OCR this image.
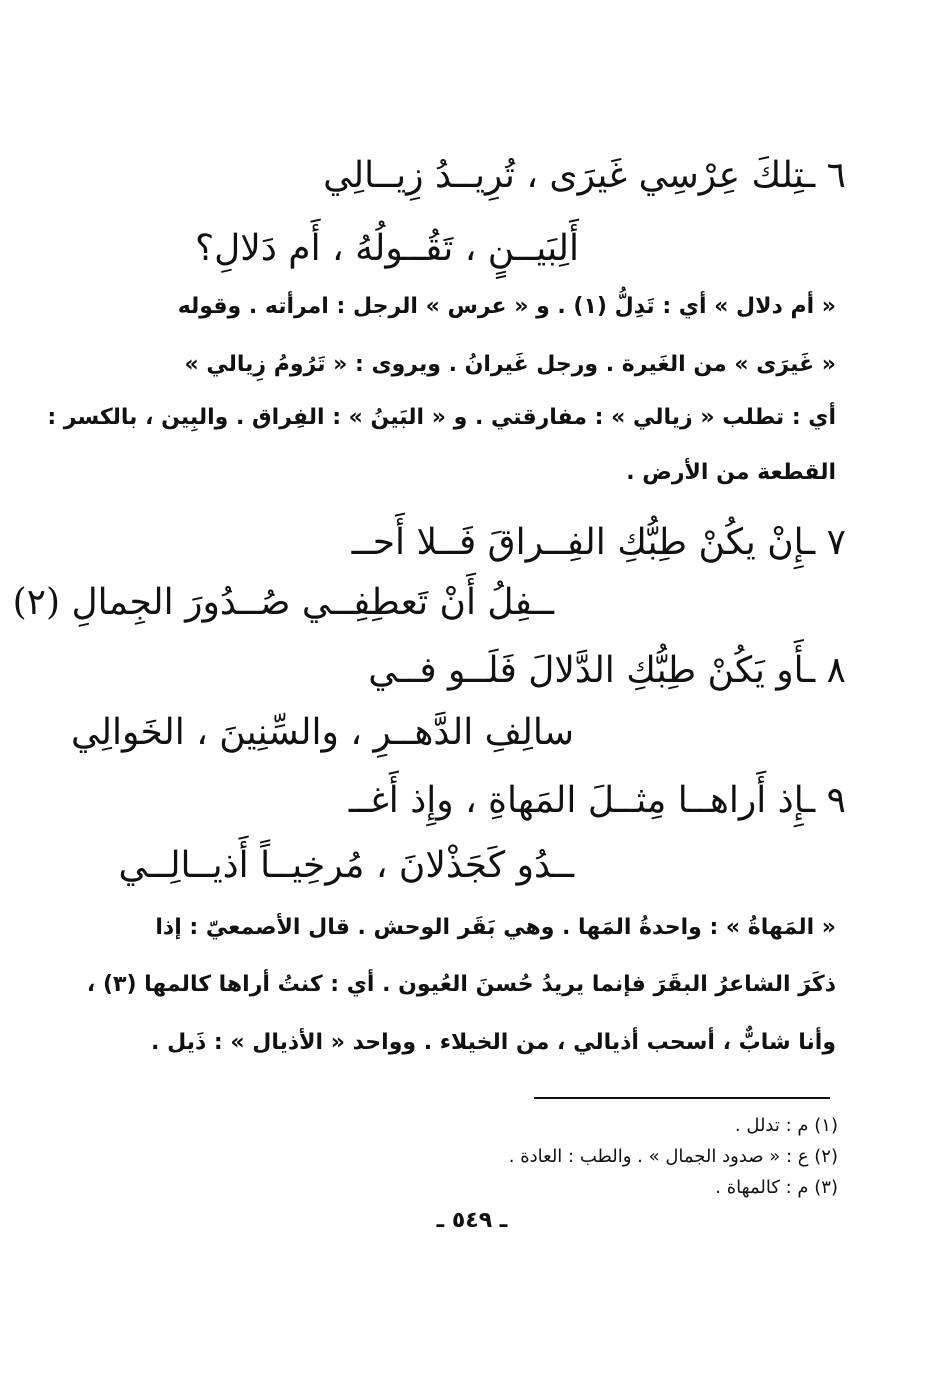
٦ ـتِلكَ عِرْسِي غَيرَى ، تُرِيــدُ زِيــالِي
أَلِبَيــنٍ ، تَقُــولُهُ ، أَم دَلالِ؟
« أم دلال » أي : تَدِلُّ (١) . و « عرس » الرجل : امرأته . وقوله
« غَيرَى » من الغَيرة . ورجل غَيرانُ . ويروى : « تَرُومُ زِيالي »
أي : تطلب « زيالي » : مفارقتي . و « البَينُ » : الفِراق . والبِين ، بالكسر :
القطعة من الأرض .
٧ ـإِنْ يكُنْ طِبُّكِ الفِــراقَ فَــلا أَحــ
ــفِلُ أَنْ تَعطِفِــي صُــدُورَ الجِمالِ (٢)
٨ ـأَو يَكُنْ طِبُّكِ الدَّلالَ فَلَــو فــي
سالِفِ الدَّهــرِ ، والسِّنِينَ ، الخَوالِي
٩ ـإِذ أَراهــا مِثــلَ المَهاةِ ، وإِذ أَغــ
ــدُو كَجَذْلانَ ، مُرخِيــاً أَذيــالِــي
« المَهاةُ » : واحدةُ المَها . وهي بَقَر الوحش . قال الأصمعيّ : إذا
ذكَرَ الشاعرُ البقَرَ فإنما يريدُ حُسنَ العُيون . أي : كنتُ أراها كالمها (٣) ،
وأنا شابٌّ ، أسحب أذيالي ، من الخيلاء . وواحد « الأذيال » : ذَيل .
(١) م : تدلل .
(٢) ع : « صدود الجمال » . والطب : العادة .
(٣) م : كالمهاة .
ـ ٥٤٩ ـ
